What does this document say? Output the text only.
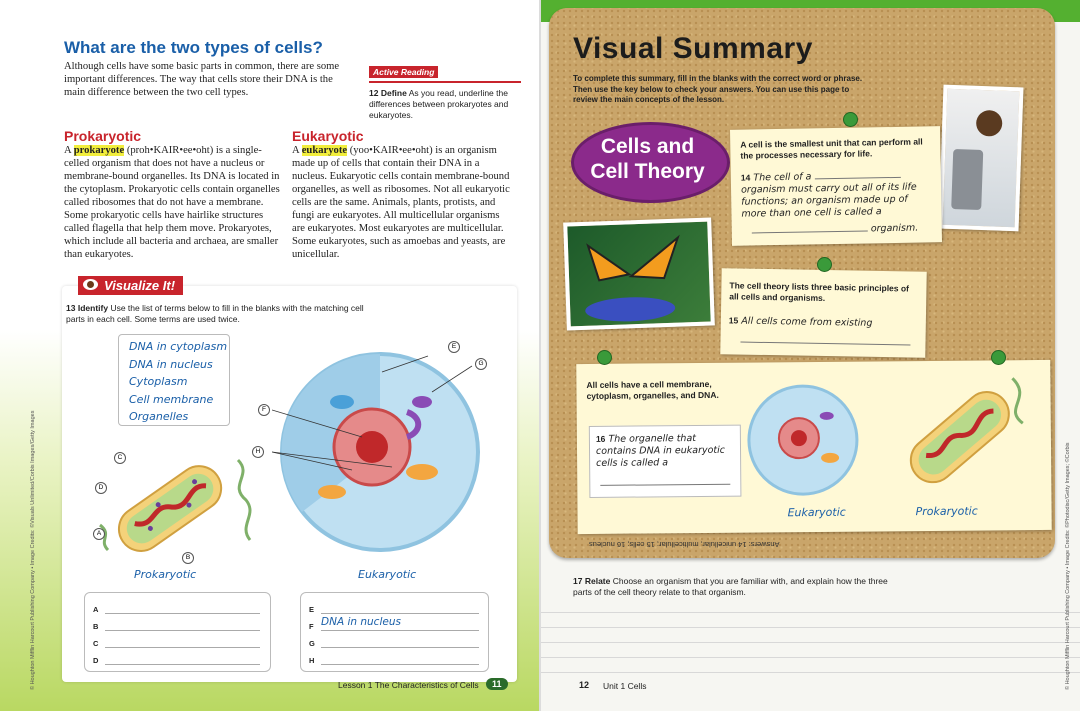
What are the two types of cells?
Although cells have some basic parts in common, there are some important differences. The way that cells store their DNA is the main difference between the two cell types.
Active Reading
12 Define As you read, underline the differences between prokaryotes and eukaryotes.
Prokaryotic
A prokaryote (proh•KAIR•ee•oht) is a single-celled organism that does not have a nucleus or membrane-bound organelles. Its DNA is located in the cytoplasm. Prokaryotic cells contain organelles called ribosomes that do not have a membrane. Some prokaryotic cells have hairlike structures called flagella that help them move. Prokaryotes, which include all bacteria and archaea, are smaller than eukaryotes.
Eukaryotic
A eukaryote (yoo•KAIR•ee•oht) is an organism made up of cells that contain their DNA in a nucleus. Eukaryotic cells contain membrane-bound organelles, as well as ribosomes. Not all eukaryotic cells are the same. Animals, plants, protists, and fungi are eukaryotes. All multicellular organisms are eukaryotes. Most eukaryotes are multicellular. Some eukaryotes, such as amoebas and yeasts, are unicellular.
Visualize It!
13 Identify Use the list of terms below to fill in the blanks with the matching cell parts in each cell. Some terms are used twice.
DNA in cytoplasm
DNA in nucleus
Cytoplasm
Cell membrane
Organelles
C
D
A
B
Prokaryotic
E
F
G
H
Eukaryotic
A
B
C
D
E
F DNA in nucleus
G
H
© Houghton Mifflin Harcourt Publishing Company • Image Credits: ©Visuals Unlimited/Corbis Images/Getty Images	Lesson 1 The Characteristics of Cells	11
Visual Summary
To complete this summary, fill in the blanks with the correct word or phrase. Then use the key below to check your answers. You can use this page to review the main concepts of the lesson.
Cells and
Cell Theory
A cell is the smallest unit that can perform all the processes necessary for life.
14 The cell of a  organism must carry out all of its life functions; an organism made up of more than one cell is called a
organism.
The cell theory lists three basic principles of all cells and organisms.
15 All cells come from existing
All cells have a cell membrane, cytoplasm, organelles, and DNA.
16 The organelle that contains DNA in eukaryotic cells is called a
Eukaryotic	Prokaryotic
Answers: 14 unicellular, multicellular; 15 cells; 16 nucleus
17 Relate Choose an organism that you are familiar with, and explain how the three parts of the cell theory relate to that organism.
12 Unit 1 Cells	© Houghton Mifflin Harcourt Publishing Company • Image Credits: ©Photodisc/Getty Images; ©Corbis
